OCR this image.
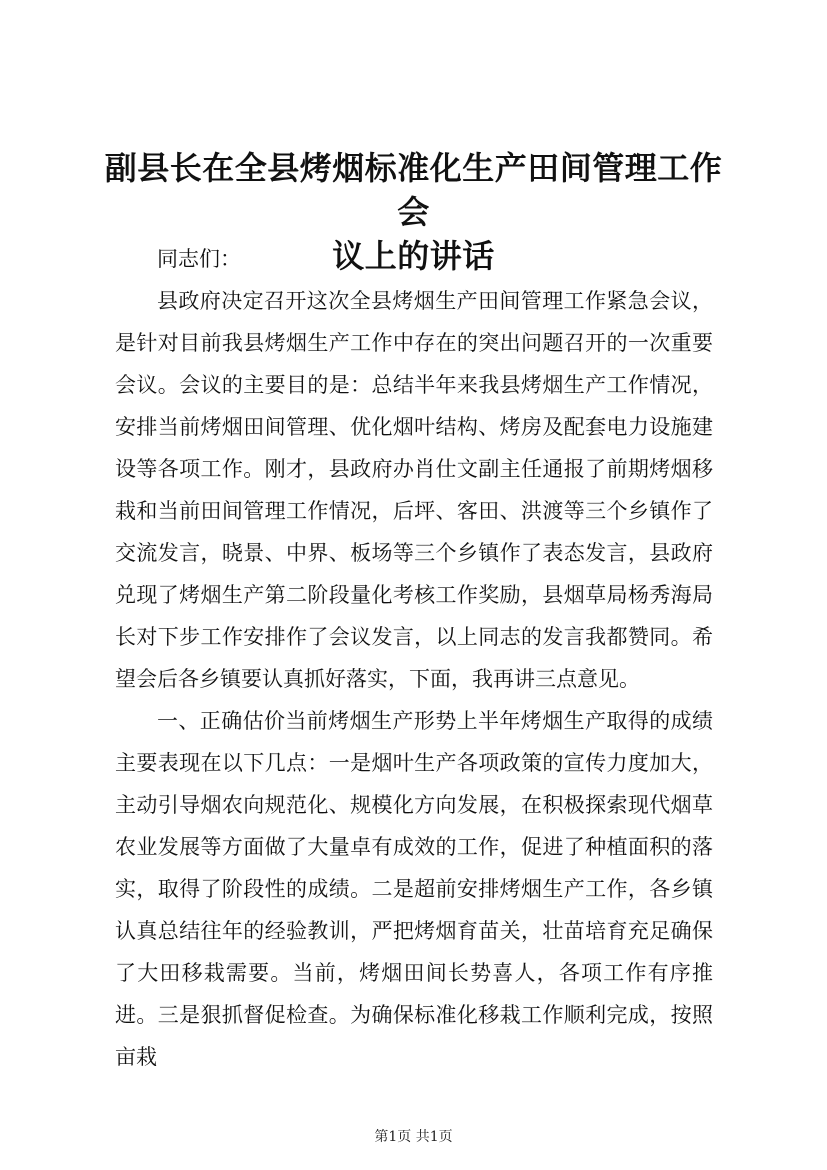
副县长在全县烤烟标准化生产田间管理工作会
议上的讲话

同志们：

县政府决定召开这次全县烤烟生产田间管理工作紧急会议，是针对目前我县烤烟生产工作中存在的突出问题召开的一次重要会议。会议的主要目的是：总结半年来我县烤烟生产工作情况，安排当前烤烟田间管理、优化烟叶结构、烤房及配套电力设施建设等各项工作。刚才，县政府办肖仕文副主任通报了前期烤烟移栽和当前田间管理工作情况，后坪、客田、洪渡等三个乡镇作了交流发言，晓景、中界、板场等三个乡镇作了表态发言，县政府兑现了烤烟生产第二阶段量化考核工作奖励，县烟草局杨秀海局长对下步工作安排作了会议发言，以上同志的发言我都赞同。希望会后各乡镇要认真抓好落实，下面，我再讲三点意见。

一、正确估价当前烤烟生产形势上半年烤烟生产取得的成绩主要表现在以下几点：一是烟叶生产各项政策的宣传力度加大，主动引导烟农向规范化、规模化方向发展，在积极探索现代烟草农业发展等方面做了大量卓有成效的工作，促进了种植面积的落实，取得了阶段性的成绩。二是超前安排烤烟生产工作，各乡镇认真总结往年的经验教训，严把烤烟育苗关，壮苗培育充足确保了大田移栽需要。当前，烤烟田间长势喜人，各项工作有序推进。三是狠抓督促检查。为确保标准化移栽工作顺利完成，按照亩栽

第1页 共1页
